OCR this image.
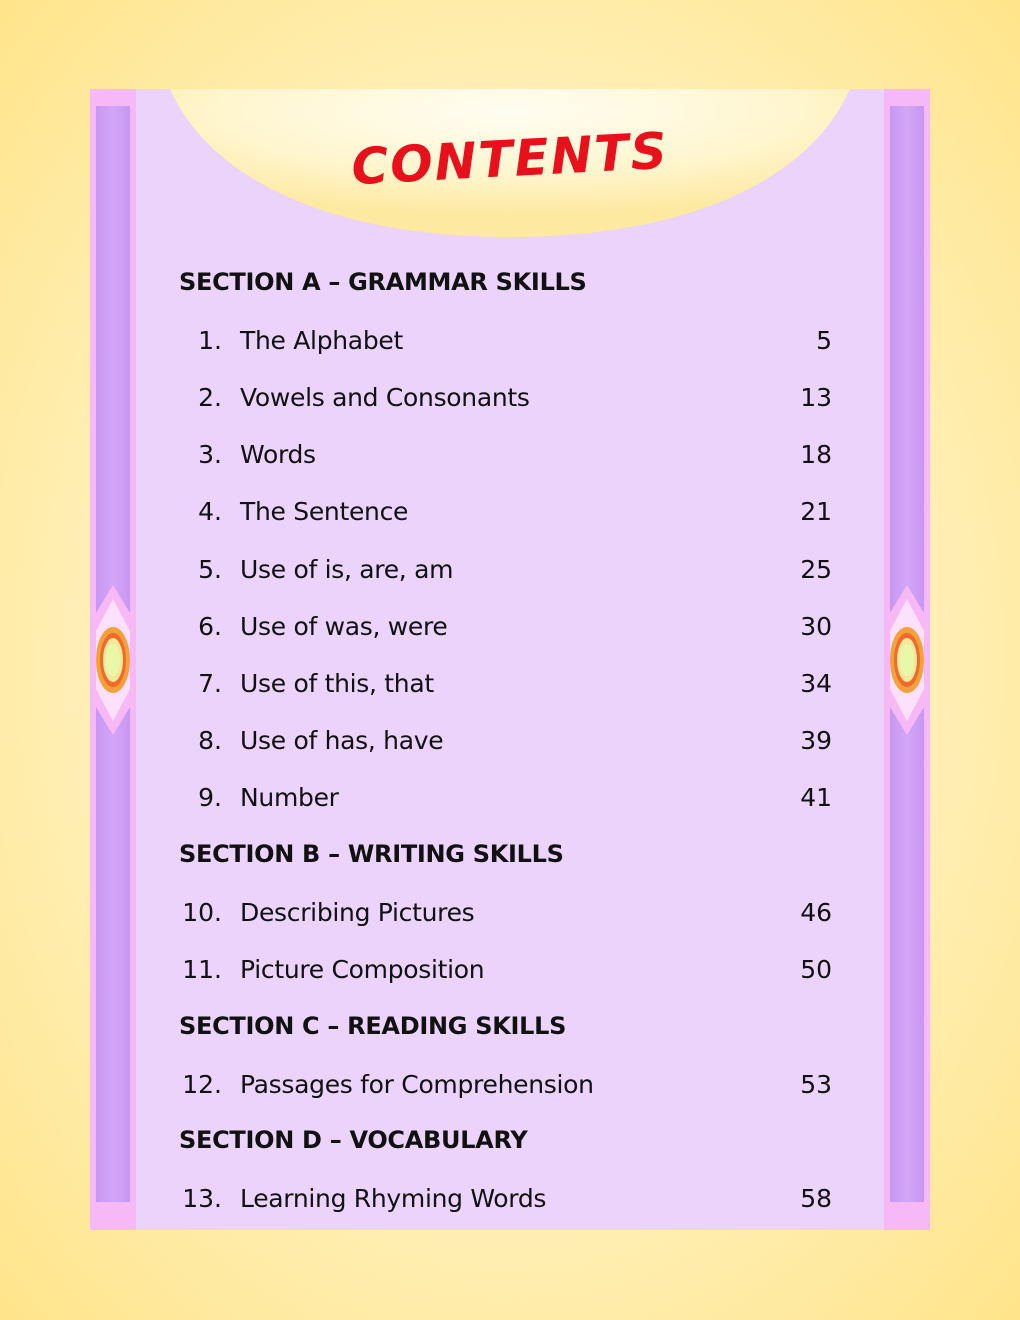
CONTENTS
SECTION A – GRAMMAR SKILLS
1. The Alphabet	5
2. Vowels and Consonants	13
3. Words	18
4. The Sentence	21
5. Use of is, are, am	25
6. Use of was, were	30
7. Use of this, that	34
8. Use of has, have	39
9. Number	41
SECTION B – WRITING SKILLS
10. Describing Pictures	46
11. Picture Composition	50
SECTION C – READING SKILLS
12. Passages for Comprehension	53
SECTION D – VOCABULARY
13. Learning Rhyming Words	58
